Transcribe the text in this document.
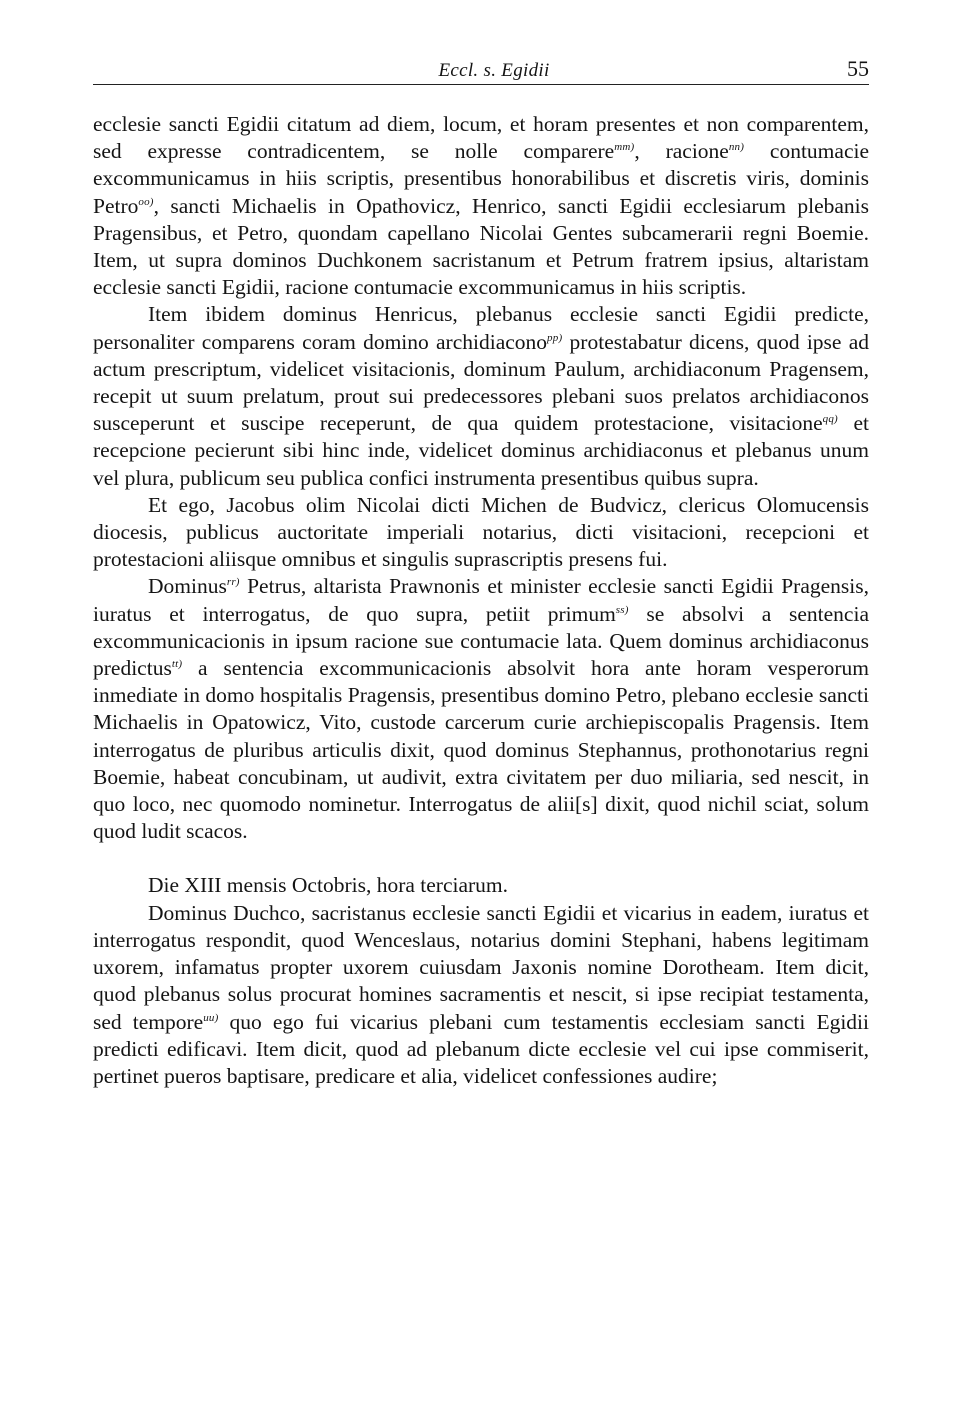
Eccl. s. Egidii	55

ecclesie sancti Egidii citatum ad diem, locum, et horam presentes et non comparentem, sed expresse contradicentem, se nolle comparere$^{mm)}$, racione$^{nn)}$ contumacie excommunicamus in hiis scriptis, presentibus honorabilibus et discretis viris, dominis Petro$^{oo)}$, sancti Michaelis in Opathovicz, Henrico, sancti Egidii ecclesiarum plebanis Pragensibus, et Petro, quondam capellano Nicolai Gentes subcamerarii regni Boemie. Item, ut supra dominos Duchkonem sacristanum et Petrum fratrem ipsius, altaristam ecclesie sancti Egidii, racione contumacie excommunicamus in hiis scriptis.

Item ibidem dominus Henricus, plebanus ecclesie sancti Egidii predicte, personaliter comparens coram domino archidiacono$^{pp)}$ protestabatur dicens, quod ipse ad actum prescriptum, videlicet visitacionis, dominum Paulum, archidiaconum Pragensem, recepit ut suum prelatum, prout sui predecessores plebani suos prelatos archidiaconos susceperunt et suscipe receperunt, de qua quidem protestacione, visitacione$^{qq)}$ et recepcione pecierunt sibi hinc inde, videlicet dominus archidiaconus et plebanus unum vel plura, publicum seu publica confici instrumenta presentibus quibus supra.

Et ego, Jacobus olim Nicolai dicti Michen de Budvicz, clericus Olomucensis diocesis, publicus auctoritate imperiali notarius, dicti visitacioni, recepcioni et protestacioni aliisque omnibus et singulis suprascriptis presens fui.

Dominus$^{rr)}$ Petrus, altarista Prawnonis et minister ecclesie sancti Egidii Pragensis, iuratus et interrogatus, de quo supra, petiit primum$^{ss)}$ se absolvi a sentencia excommunicacionis in ipsum racione sue contumacie lata. Quem dominus archidiaconus predictus$^{tt)}$ a sentencia excommunicacionis absolvit hora ante horam vesperorum inmediate in domo hospitalis Pragensis, presentibus domino Petro, plebano ecclesie sancti Michaelis in Opatowicz, Vito, custode carcerum curie archiepiscopalis Pragensis. Item interrogatus de pluribus articulis dixit, quod dominus Stephannus, prothonotarius regni Boemie, habeat concubinam, ut audivit, extra civitatem per duo miliaria, sed nescit, in quo loco, nec quomodo nominetur. Interrogatus de alii[s] dixit, quod nichil sciat, solum quod ludit scacos.

Die XIII mensis Octobris, hora terciarum.

Dominus Duchco, sacristanus ecclesie sancti Egidii et vicarius in eadem, iuratus et interrogatus respondit, quod Wenceslaus, notarius domini Stephani, habens legitimam uxorem, infamatus propter uxorem cuiusdam Jaxonis nomine Dorotheam. Item dicit, quod plebanus solus procurat homines sacramentis et nescit, si ipse recipiat testamenta, sed tempore$^{uu)}$ quo ego fui vicarius plebani cum testamentis ecclesiam sancti Egidii predicti edificavi. Item dicit, quod ad plebanum dicte ecclesie vel cui ipse commiserit, pertinet pueros baptisare, predicare et alia, videlicet confessiones audire;
